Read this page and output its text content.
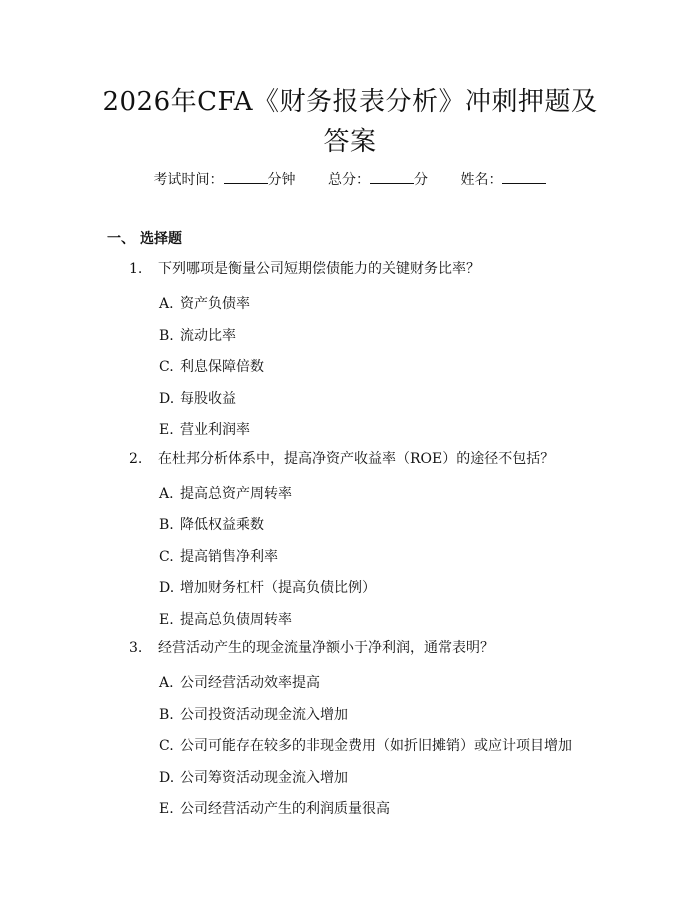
2026年CFA《财务报表分析》冲刺押题及答案
考试时间：	分钟 总分：	分 姓名：
一、 选择题
1. 下列哪项是衡量公司短期偿债能力的关键财务比率？
A. 资产负债率
B. 流动比率
C. 利息保障倍数
D. 每股收益
E. 营业利润率
2. 在杜邦分析体系中，提高净资产收益率（ROE）的途径不包括？
A. 提高总资产周转率
B. 降低权益乘数
C. 提高销售净利率
D. 增加财务杠杆（提高负债比例）
E. 提高总负债周转率
3. 经营活动产生的现金流量净额小于净利润，通常表明？
A. 公司经营活动效率提高
B. 公司投资活动现金流入增加
C. 公司可能存在较多的非现金费用（如折旧摊销）或应计项目增加
D. 公司筹资活动现金流入增加
E. 公司经营活动产生的利润质量很高
